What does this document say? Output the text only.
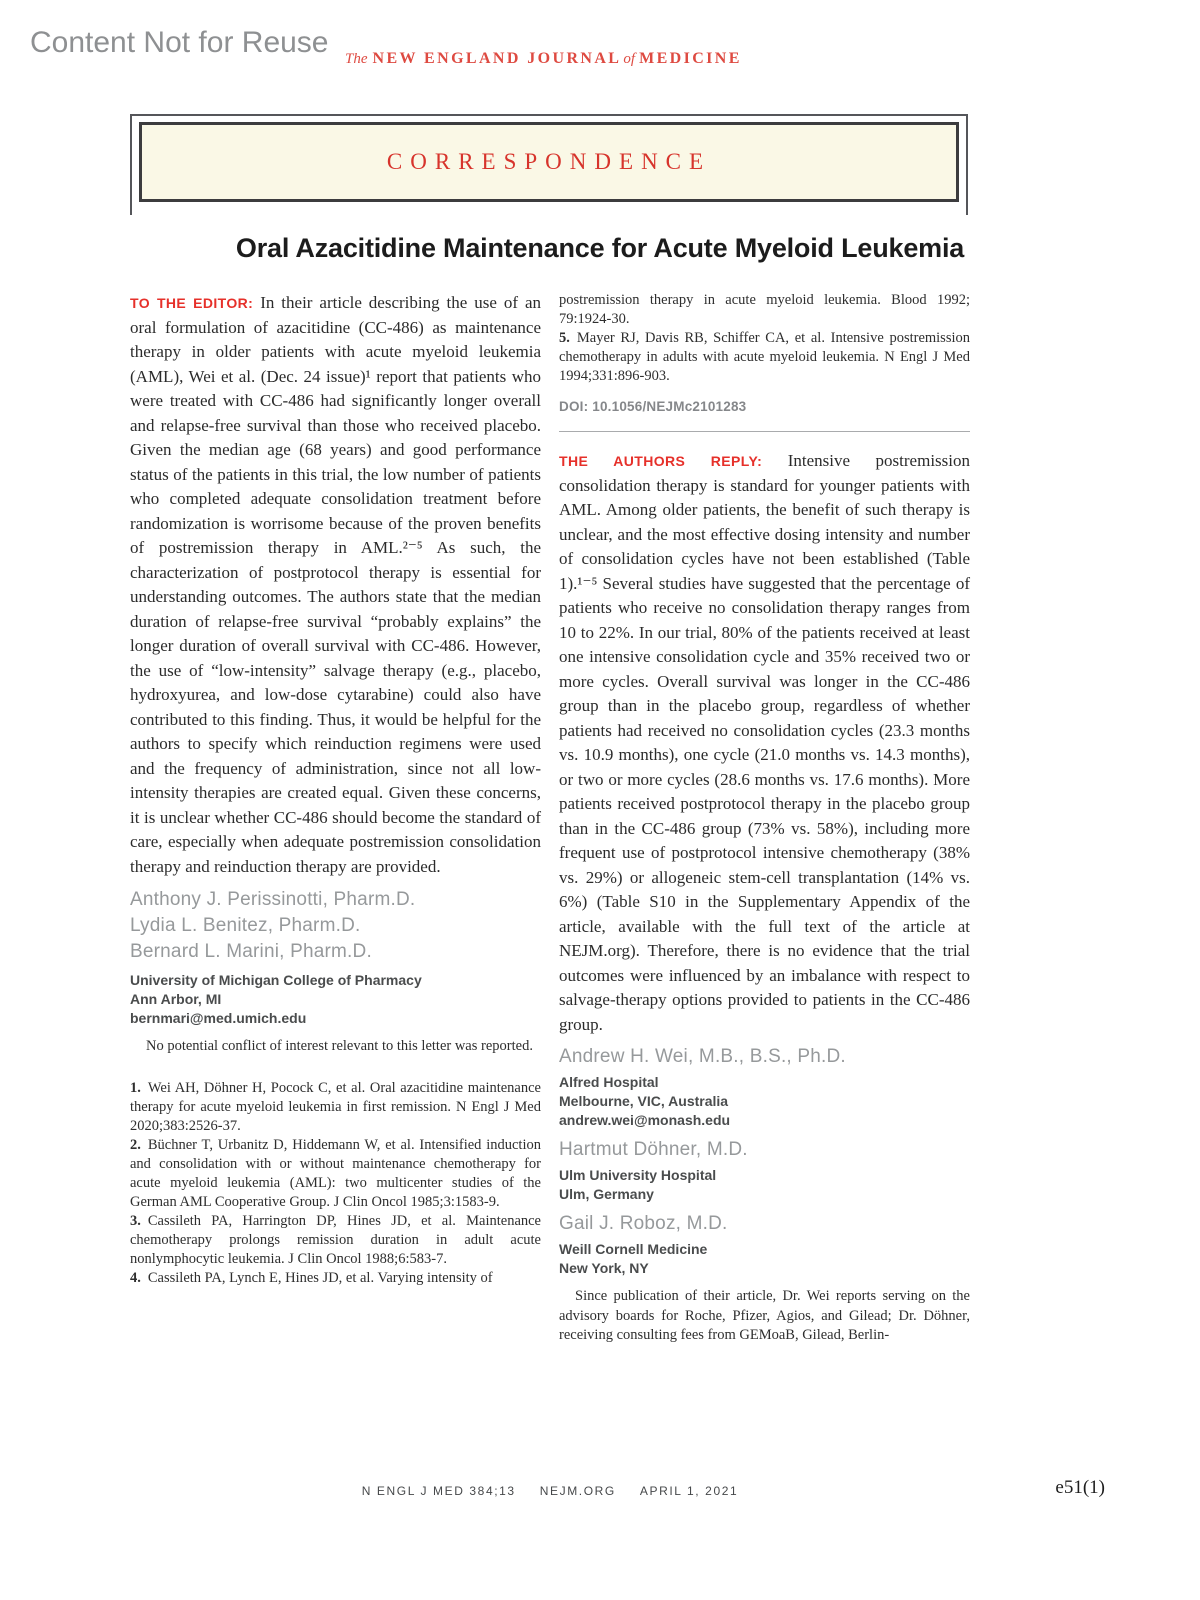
Content Not for Reuse The NEW ENGLAND JOURNAL of MEDICINE
CORRESPONDENCE
Oral Azacitidine Maintenance for Acute Myeloid Leukemia

TO THE EDITOR: In their article describing the use of an oral formulation of azacitidine (CC-486) as maintenance therapy in older patients with acute myeloid leukemia (AML), Wei et al. (Dec. 24 issue)¹ report that patients who were treated with CC-486 had significantly longer overall and relapse-free survival than those who received placebo. Given the median age (68 years) and good performance status of the patients in this trial, the low number of patients who completed adequate consolidation treatment before randomization is worrisome because of the proven benefits of postremission therapy in AML.²⁻⁵ As such, the characterization of postprotocol therapy is essential for understanding outcomes. The authors state that the median duration of relapse-free survival “probably explains” the longer duration of overall survival with CC-486. However, the use of “low-intensity” salvage therapy (e.g., placebo, hydroxyurea, and low-dose cytarabine) could also have contributed to this finding. Thus, it would be helpful for the authors to specify which reinduction regimens were used and the frequency of administration, since not all low-intensity therapies are created equal. Given these concerns, it is unclear whether CC-486 should become the standard of care, especially when adequate postremission consolidation therapy and reinduction therapy are provided.

Anthony J. Perissinotti, Pharm.D.
Lydia L. Benitez, Pharm.D.
Bernard L. Marini, Pharm.D.
University of Michigan College of Pharmacy
Ann Arbor, MI
bernmari@med.umich.edu

No potential conflict of interest relevant to this letter was reported.

1. Wei AH, Döhner H, Pocock C, et al. Oral azacitidine maintenance therapy for acute myeloid leukemia in first remission. N Engl J Med 2020;383:2526-37.

2. Büchner T, Urbanitz D, Hiddemann W, et al. Intensified induction and consolidation with or without maintenance chemotherapy for acute myeloid leukemia (AML): two multicenter studies of the German AML Cooperative Group. J Clin Oncol 1985;3:1583-9.

3. Cassileth PA, Harrington DP, Hines JD, et al. Maintenance chemotherapy prolongs remission duration in adult acute nonlymphocytic leukemia. J Clin Oncol 1988;6:583-7.

4. Cassileth PA, Lynch E, Hines JD, et al. Varying intensity of

postremission therapy in acute myeloid leukemia. Blood 1992; 79:1924-30.

5. Mayer RJ, Davis RB, Schiffer CA, et al. Intensive postremission chemotherapy in adults with acute myeloid leukemia. N Engl J Med 1994;331:896-903.

DOI: 10.1056/NEJMc2101283

THE AUTHORS REPLY: Intensive postremission consolidation therapy is standard for younger patients with AML. Among older patients, the benefit of such therapy is unclear, and the most effective dosing intensity and number of consolidation cycles have not been established (Table 1).¹⁻⁵ Several studies have suggested that the percentage of patients who receive no consolidation therapy ranges from 10 to 22%. In our trial, 80% of the patients received at least one intensive consolidation cycle and 35% received two or more cycles. Overall survival was longer in the CC-486 group than in the placebo group, regardless of whether patients had received no consolidation cycles (23.3 months vs. 10.9 months), one cycle (21.0 months vs. 14.3 months), or two or more cycles (28.6 months vs. 17.6 months). More patients received postprotocol therapy in the placebo group than in the CC-486 group (73% vs. 58%), including more frequent use of postprotocol intensive chemotherapy (38% vs. 29%) or allogeneic stem-cell transplantation (14% vs. 6%) (Table S10 in the Supplementary Appendix of the article, available with the full text of the article at NEJM.org). Therefore, there is no evidence that the trial outcomes were influenced by an imbalance with respect to salvage-therapy options provided to patients in the CC-486 group.

Andrew H. Wei, M.B., B.S., Ph.D.
Alfred Hospital
Melbourne, VIC, Australia
andrew.wei@monash.edu
Hartmut Döhner, M.D.
Ulm University Hospital
Ulm, Germany
Gail J. Roboz, M.D.
Weill Cornell Medicine
New York, NY

Since publication of their article, Dr. Wei reports serving on the advisory boards for Roche, Pfizer, Agios, and Gilead; Dr. Döhner, receiving consulting fees from GEMoaB, Gilead, Berlin-

N ENGL J MED 384;13 NEJM.ORG APRIL 1, 2021	e51(1)
